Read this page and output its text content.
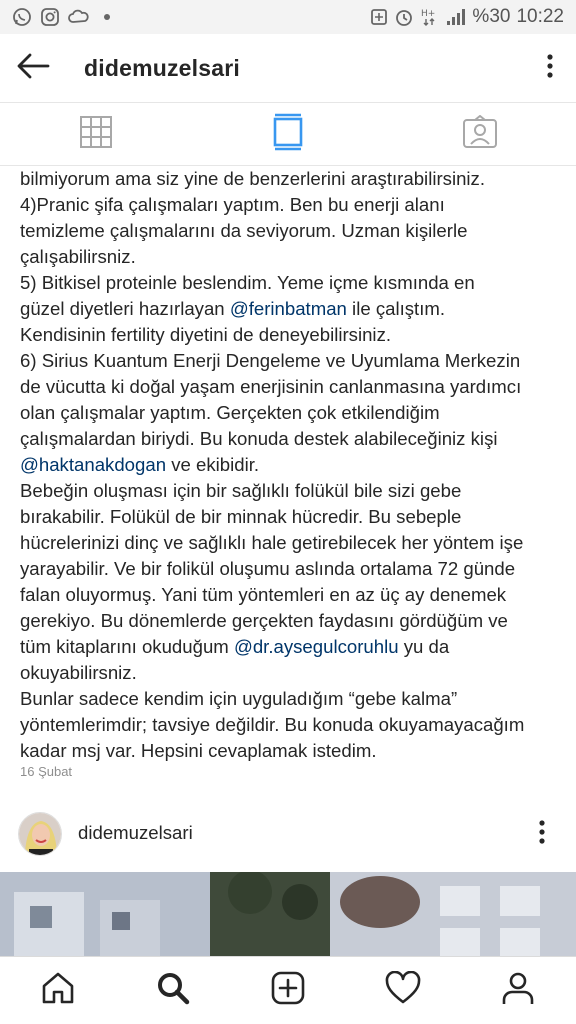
H+ %30 10:22
didemuzelsari
bilmiyorum ama siz yine de benzerlerini araştırabilirsiniz.
4)Pranic şifa çalışmaları yaptım. Ben bu enerji alanı
temizleme çalışmalarını da seviyorum. Uzman kişilerle
çalışabilirsniz.
5) Bitkisel proteinle beslendim. Yeme içme kısmında en
güzel diyetleri hazırlayan @ferinbatman ile çalıştım.
Kendisinin fertility diyetini de deneyebilirsiniz.
6) Sirius Kuantum Enerji Dengeleme ve Uyumlama Merkezin
de vücutta ki doğal yaşam enerjisinin canlanmasına yardımcı
olan çalışmalar yaptım. Gerçekten çok etkilendiğim
çalışmalardan biriydi. Bu konuda destek alabileceğiniz kişi
@haktanakdogan ve ekibidir.
Bebeğin oluşması için bir sağlıklı folükül bile sizi gebe
bırakabilir. Folükül de bir minnak hücredir. Bu sebeple
hücrelerinizi dinç ve sağlıklı hale getirebilecek her yöntem işe
yarayabilir. Ve bir folikül oluşumu aslında ortalama 72 günde
falan oluyormuş. Yani tüm yöntemleri en az üç ay denemek
gerekiyo. Bu dönemlerde gerçekten faydasını gördüğüm ve
tüm kitaplarını okuduğum @dr.aysegulcoruhlu yu da
okuyabilirsniz.
Bunlar sadece kendim için uyguladığım “gebe kalma”
yöntemlerimdir; tavsiye değildir. Bu konuda okuyamayacağım
kadar msj var. Hepsini cevaplamak istedim.
16 Şubat
didemuzelsari
